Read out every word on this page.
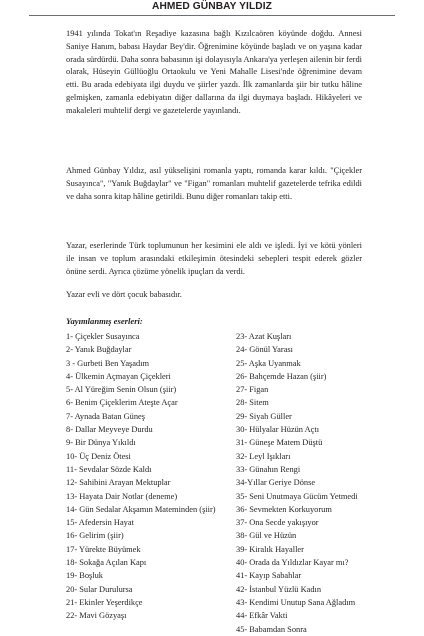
AHMED GÜNBAY YILDIZ

1941 yılında Tokat'ın Reşadiye kazasına bağlı Kızılcaören köyünde doğdu. Annesi Saniye Hanım, babası Haydar Bey'dir. Öğrenimine köyünde başladı ve on yaşına kadar orada sürdürdü. Daha sonra babasının işi dolayısıyla Ankara'ya yerleşen ailenin bir ferdi olarak, Hüseyin Güllüoğlu Ortaokulu ve Yeni Mahalle Lisesi'nde öğrenimine devam etti. Bu arada edebiyata ilgi duydu ve şiirler yazdı. İlk zamanlarda şiir bir tutku hâline gelmişken, zamanla edebiyatın diğer dallarına da ilgi duymaya başladı. Hikâyeleri ve makaleleri muhtelif dergi ve gazetelerde yayınlandı.

Ahmed Günbay Yıldız, asıl yükselişini romanla yaptı, romanda karar kıldı. "Çiçekler Susayınca", "Yanık Buğdaylar" ve "Figan" romanları muhtelif gazetelerde tefrika edildi ve daha sonra kitap hâline getirildi. Bunu diğer romanları takip etti.

Yazar, eserlerinde Türk toplumunun her kesimini ele aldı ve işledi. İyi ve kötü yönleri ile insan ve toplum arasındaki etkileşimin ötesindeki sebepleri tespit ederek gözler önüne serdi. Ayrıca çözüme yönelik ipuçları da verdi.

Yazar evli ve dört çocuk babasıdır.

Yayımlanmış eserleri:
1- Çiçekler Susayınca
2- Yanık Buğdaylar
3 - Gurbeti Ben Yaşadım
4- Ülkemin Açmayan Çiçekleri
5- Al Yüreğim Senin Olsun (şiir)
6- Benim Çiçeklerim Ateşte Açar
7- Aynada Batan Güneş
8- Dallar Meyveye Durdu
9- Bir Dünya Yıkıldı
10- Üç Deniz Ötesi
11- Sevdalar Sözde Kaldı
12- Sahibini Arayan Mektuplar
13- Hayata Dair Notlar (deneme)
14- Gün Sedalar Akşamın Mateminden (şiir)
15- Afedersin Hayat
16- Gelirim (şiir)
17- Yürekte Büyümek
18- Sokağa Açılan Kapı
19- Boşluk
20- Sular Durulursa
21- Ekinler Yeşerdikçe
22- Mavi Gözyaşı
23- Azat Kuşları
24- Gönül Yarası
25- Aşka Uyanmak
26- Bahçemde Hazan (şiir)
27- Figan
28- Sitem
29- Siyah Güller
30- Hülyalar Hüzün Açtı
31- Güneşe Matem Düştü
32- Leyl Işıkları
33- Günahın Rengi
34-Yıllar Geriye Dönse
35- Seni Unutmaya Gücüm Yetmedi
36- Sevmekten Korkuyorum
37- Ona Secde yakışıyor
38- Gül ve Hüzün
39- Kiralık Hayaller
40- Orada da Yıldızlar Kayar mı?
41- Kayıp Sabahlar
42- İstanbul Yüzlü Kadın
43- Kendimi Unutup Sana Ağladım
44- Efkâr Vakti
45- Babamdan Sonra
